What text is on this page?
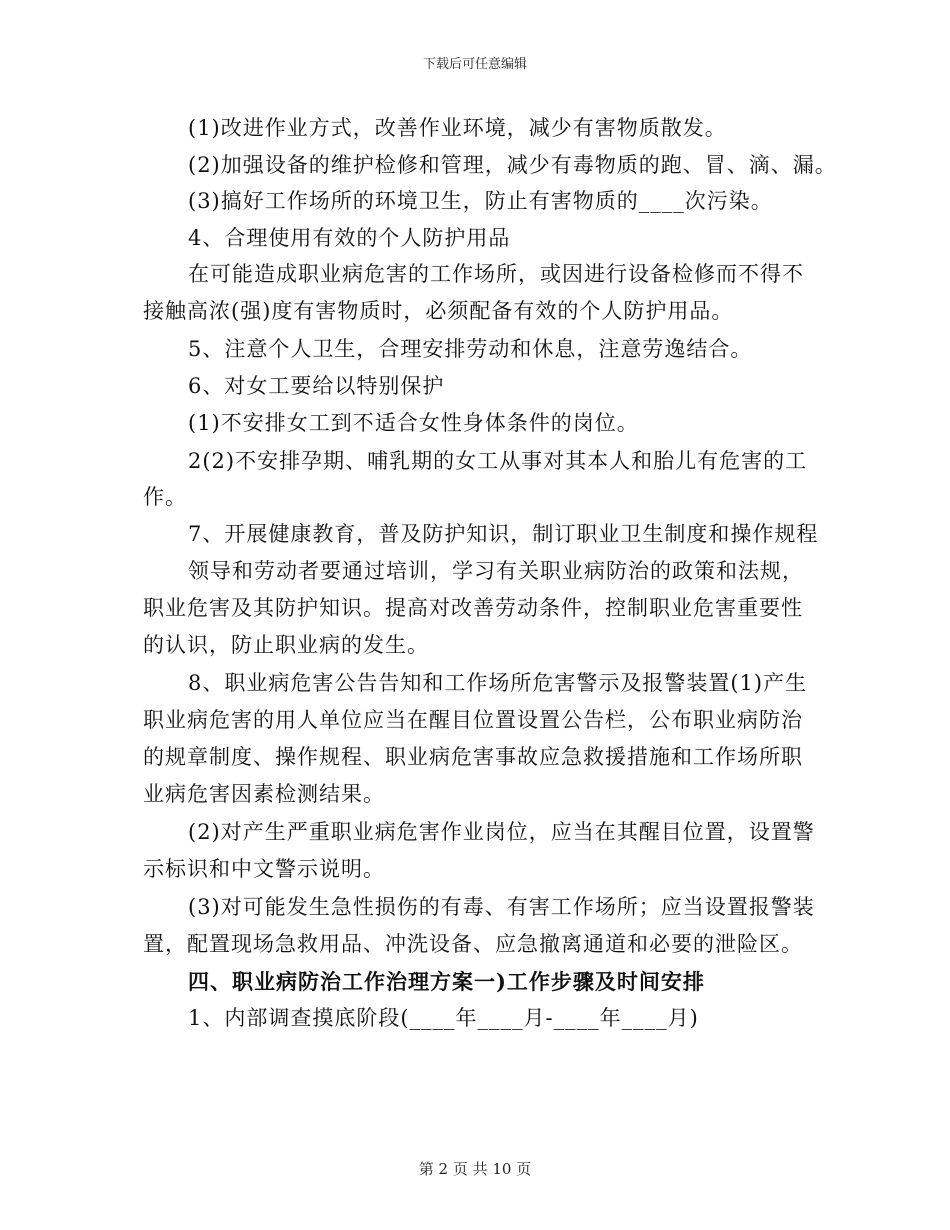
下载后可任意编辑
(1)改进作业方式，改善作业环境，减少有害物质散发。
(2)加强设备的维护检修和管理，减少有毒物质的跑、冒、滴、漏。
(3)搞好工作场所的环境卫生，防止有害物质的____次污染。
4、合理使用有效的个人防护用品
在可能造成职业病危害的工作场所，或因进行设备检修而不得不
接触高浓(强)度有害物质时，必须配备有效的个人防护用品。
5、注意个人卫生，合理安排劳动和休息，注意劳逸结合。
6、对女工要给以特别保护
(1)不安排女工到不适合女性身体条件的岗位。
2(2)不安排孕期、哺乳期的女工从事对其本人和胎儿有危害的工
作。
7、开展健康教育，普及防护知识，制订职业卫生制度和操作规程
领导和劳动者要通过培训，学习有关职业病防治的政策和法规，
职业危害及其防护知识。提高对改善劳动条件，控制职业危害重要性
的认识，防止职业病的发生。
8、职业病危害公告告知和工作场所危害警示及报警装置(1)产生
职业病危害的用人单位应当在醒目位置设置公告栏，公布职业病防治
的规章制度、操作规程、职业病危害事故应急救援措施和工作场所职
业病危害因素检测结果。
(2)对产生严重职业病危害作业岗位，应当在其醒目位置，设置警
示标识和中文警示说明。
(3)对可能发生急性损伤的有毒、有害工作场所；应当设置报警装
置，配置现场急救用品、冲洗设备、应急撤离通道和必要的泄险区。
四、职业病防治工作治理方案一)工作步骤及时间安排
1、内部调查摸底阶段(____年____月-____年____月)
第 2 页 共 10 页
